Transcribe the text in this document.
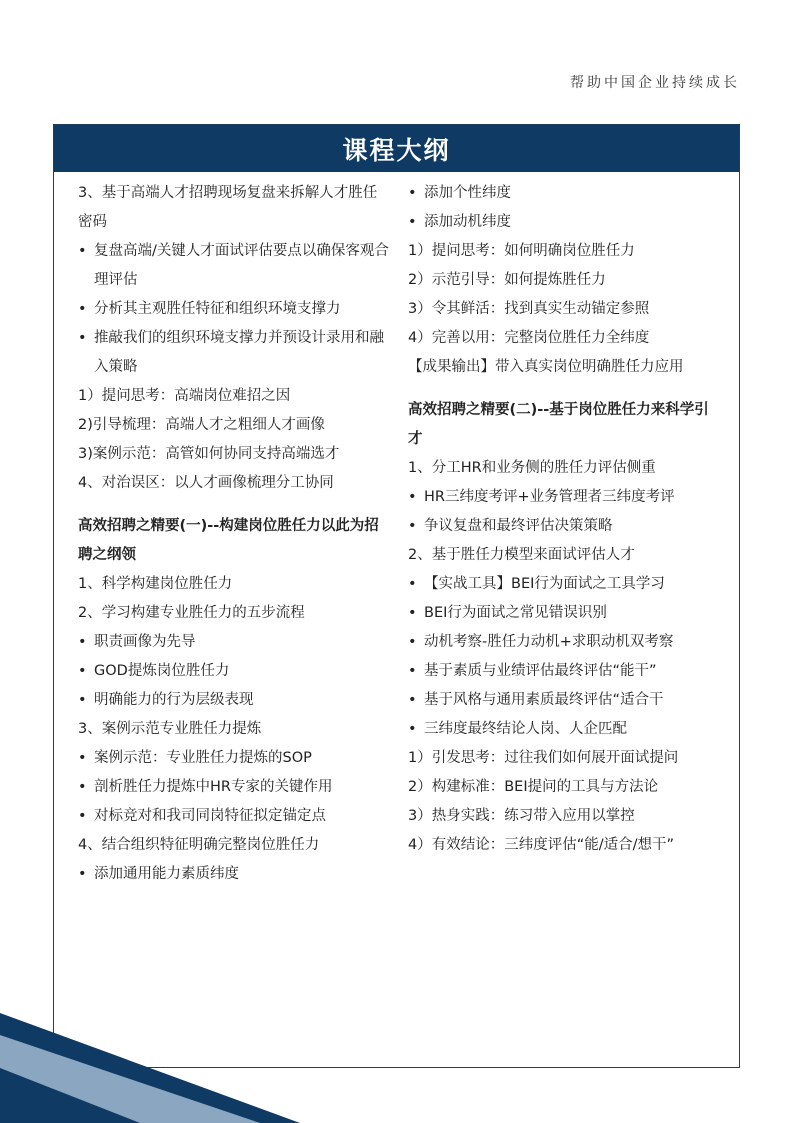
帮助中国企业持续成长
课程大纲
3、基于高端人才招聘现场复盘来拆解人才胜任密码
• 复盘高端/关键人才面试评估要点以确保客观合理评估
• 分析其主观胜任特征和组织环境支撑力
• 推敲我们的组织环境支撑力并预设计录用和融入策略
1）提问思考：高端岗位难招之因
2)引导梳理：高端人才之粗细人才画像
3)案例示范：高管如何协同支持高端选才
4、对治误区：以人才画像梳理分工协同
高效招聘之精要(一)--构建岗位胜任力以此为招聘之纲领
1、科学构建岗位胜任力
2、学习构建专业胜任力的五步流程
• 职责画像为先导
• GOD提炼岗位胜任力
• 明确能力的行为层级表现
3、案例示范专业胜任力提炼
• 案例示范：专业胜任力提炼的SOP
• 剖析胜任力提炼中HR专家的关键作用
• 对标竞对和我司同岗特征拟定锚定点
4、结合组织特征明确完整岗位胜任力
• 添加通用能力素质纬度
• 添加个性纬度
• 添加动机纬度
1）提问思考：如何明确岗位胜任力
2）示范引导：如何提炼胜任力
3）令其鲜活：找到真实生动锚定参照
4）完善以用：完整岗位胜任力全纬度
【成果输出】带入真实岗位明确胜任力应用
高效招聘之精要(二)--基于岗位胜任力来科学引才
1、分工HR和业务侧的胜任力评估侧重
• HR三纬度考评+业务管理者三纬度考评
• 争议复盘和最终评估决策策略
2、基于胜任力模型来面试评估人才
• 【实战工具】BEI行为面试之工具学习
• BEI行为面试之常见错误识别
• 动机考察-胜任力动机+求职动机双考察
• 基于素质与业绩评估最终评估“能干”
• 基于风格与通用素质最终评估“适合干
• 三纬度最终结论人岗、人企匹配
1）引发思考：过往我们如何展开面试提问
2）构建标准：BEI提问的工具与方法论
3）热身实践：练习带入应用以掌控
4）有效结论：三纬度评估“能/适合/想干”
